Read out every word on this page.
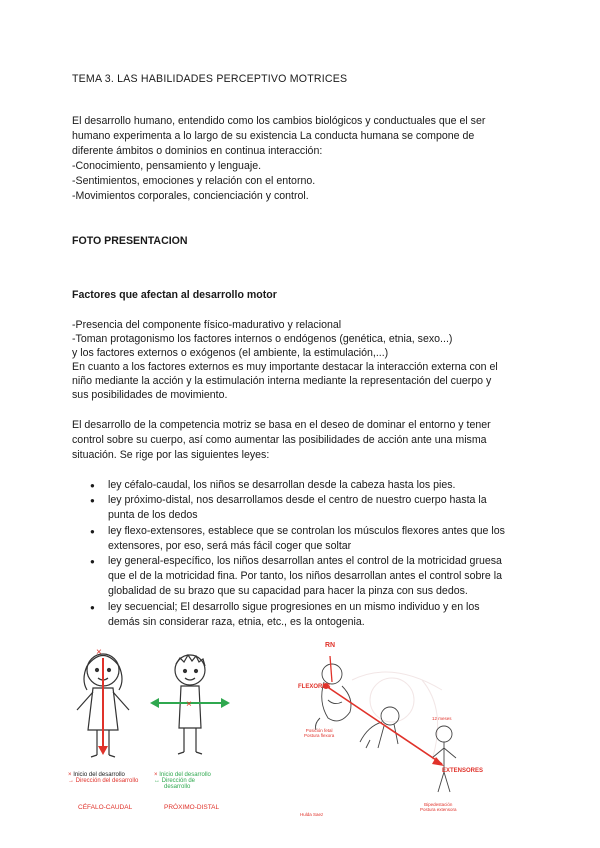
TEMA 3. LAS HABILIDADES PERCEPTIVO MOTRICES

El desarrollo humano, entendido como los cambios biológicos y conductuales que el ser

humano experimenta a lo largo de su existencia La conducta humana se compone de

diferente ámbitos o dominios en continua interacción:

-Conocimiento, pensamiento y lenguaje.

-Sentimientos, emociones y relación con el entorno.

-Movimientos corporales, concienciación y control.

FOTO PRESENTACION

Factores que afectan al desarrollo motor

-Presencia del componente físico-madurativo y relacional

-Toman protagonismo los factores internos o endógenos (genética, etnia, sexo...)

y los factores externos o exógenos (el ambiente, la estimulación,...)

En cuanto a los factores externos es muy importante destacar la interacción externa con el

niño mediante la acción y la estimulación interna mediante la representación del cuerpo y

sus posibilidades de movimiento.

El desarrollo de la competencia motriz se basa en el deseo de dominar el entorno y tener

control sobre su cuerpo, así como aumentar las posibilidades de acción ante una misma

situación. Se rige por las siguientes leyes:

● ley céfalo-caudal, los niños se desarrollan desde la cabeza hasta los pies.
● ley próximo-distal, nos desarrollamos desde el centro de nuestro cuerpo hasta la
punta de los dedos
● ley flexo-extensores, establece que se controlan los músculos flexores antes que los
extensores, por eso, será más fácil coger que soltar
● ley general-específico, los niños desarrollan antes el control de la motricidad gruesa
que el de la motricidad fina. Por tanto, los niños desarrollan antes el control sobre la
globalidad de su brazo que su capacidad para hacer la pinza con sus dedos.
● ley secuencial; El desarrollo sigue progresiones en un mismo individuo y en los
demás sin considerar raza, etnia, etc., es la ontogenia.
×
×
× Inicio del desarrollo
→ Dirección del desarrollo
× Inicio del desarrollo
↔ Dirección de
desarrollo
CÉFALO-CAUDAL	PRÓXIMO-DISTAL
RN
FLEXORES
Posición fetal
Postura flexora
12 meses
EXTENSORES
Bipedestación
Postura extensora
Hulda Saez
